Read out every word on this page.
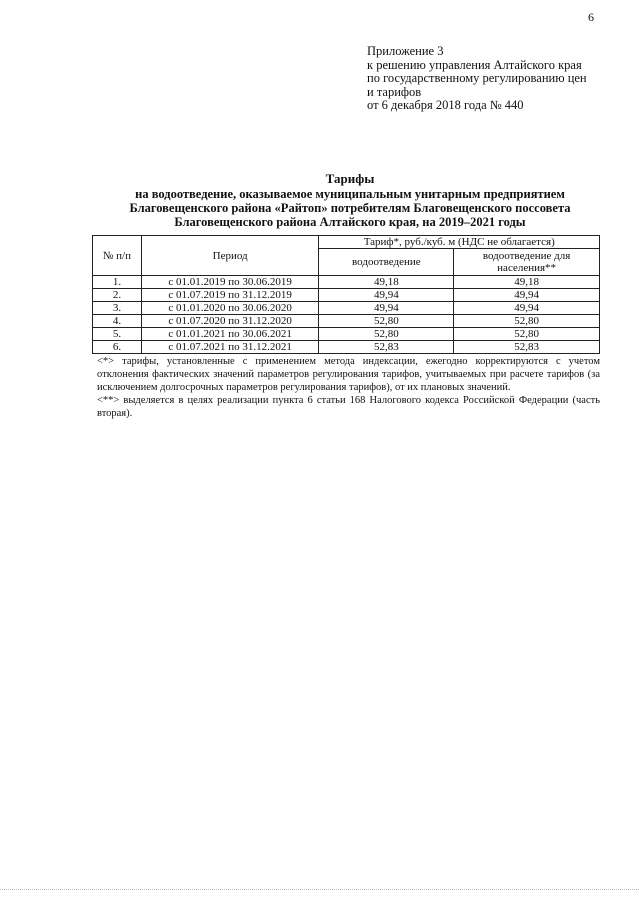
6
Приложение 3
к решению управления Алтайского края
по государственному регулированию цен
и тарифов
от 6 декабря 2018 года № 440
Тарифы
на водоотведение, оказываемое муниципальным унитарным предприятием
Благовещенского района «Райтоп» потребителям Благовещенского поссовета
Благовещенского района Алтайского края, на 2019–2021 годы
№ п/п	Период	Тариф*, руб./куб. м (НДС не облагается)	
		водоотведение	водоотведение для населения**
1.	с 01.01.2019 по 30.06.2019	49,18	49,18
2.	с 01.07.2019 по 31.12.2019	49,94	49,94
3.	с 01.01.2020 по 30.06.2020	49,94	49,94
4.	с 01.07.2020 по 31.12.2020	52,80	52,80
5.	с 01.01.2021 по 30.06.2021	52,80	52,80
6.	с 01.07.2021 по 31.12.2021	52,83	52,83

<*> тарифы, установленные с применением метода индексации, ежегодно корректируются с учетом отклонения фактических значений параметров регулирования тарифов, учитываемых при расчете тарифов (за исключением долгосрочных параметров регулирования тарифов), от их плановых значений.

<**> выделяется в целях реализации пункта 6 статьи 168 Налогового кодекса Российской Федерации (часть вторая).
